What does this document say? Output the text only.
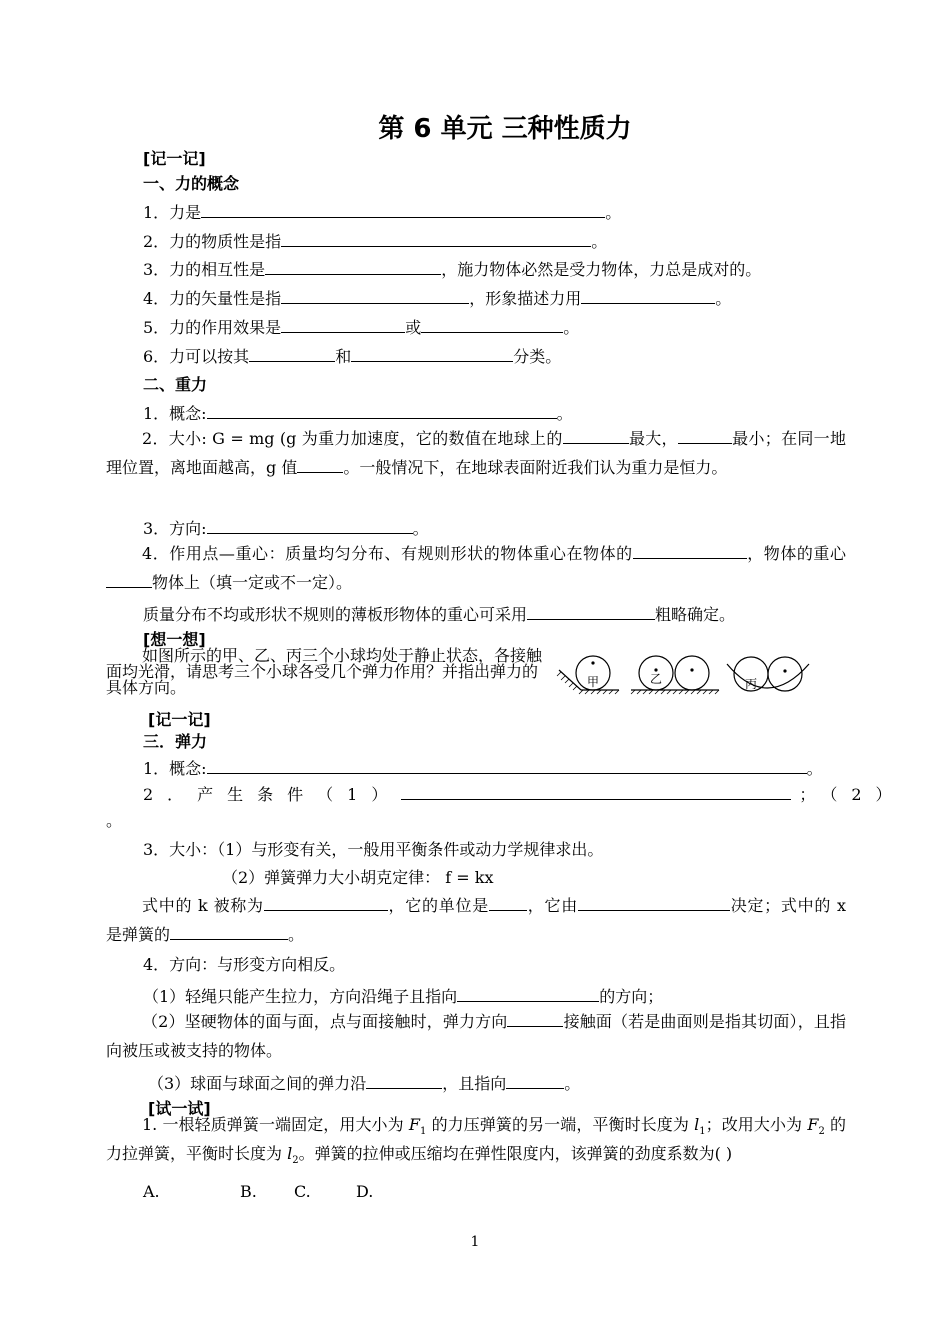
第 6 单元 三种性质力
[记一记]
一、力的概念
1．力是	。
2．力的物质性是指	。
3．力的相互性是	，施力物体必然是受力物体，力总是成对的。
4．力的矢量性是指	，形象描述力用	。
5．力的作用效果是	或	。
6．力可以按其	和	分类。
二、重力
1．概念:	。
2．大小: G = mg (g 为重力加速度，它的数值在地球上的	最大，	最小；在同一地理位置，离地面越高，g 值	。一般情况下，在地球表面附近我们认为重力是恒力。
3．方向:	。
4．作用点—重心：质量均匀分布、有规则形状的物体重心在物体的	，物体的重心物体上（填一定或不一定）。
质量分布不均或形状不规则的薄板形物体的重心可采用	粗略确定。
[想一想]
如图所示的甲、乙、丙三个小球均处于静止状态，各接触面均光滑，请思考三个小球各受几个弹力作用？并指出弹力的具体方向。	甲	乙	丙
[记一记]
三．弹力
1．概念:	。
2．产生条件（1）	；（2）
。
3．大小：（1）与形变有关，一般用平衡条件或动力学规律求出。
（2）弹簧弹力大小胡克定律： f = kx
式中的 k 被称为	，它的单位是 ，它由	决定；式中的 x 是弹簧的	。
4．方向：与形变方向相反。
（1）轻绳只能产生拉力，方向沿绳子且指向	的方向；
（2）坚硬物体的面与面，点与面接触时，弹力方向	接触面（若是曲面则是指其切面），且指向被压或被支持的物体。
（3）球面与球面之间的弹力沿	，且指向	。
[试一试]
1. 一根轻质弹簧一端固定，用大小为 $F_1$ 的力压弹簧的另一端，平衡时长度为 $l_1$；改用大小为 $F_2$ 的力拉弹簧，平衡时长度为 $l_2$。弹簧的拉伸或压缩均在弹性限度内，该弹簧的劲度系数为( )
A.	B. C.	D.
1
